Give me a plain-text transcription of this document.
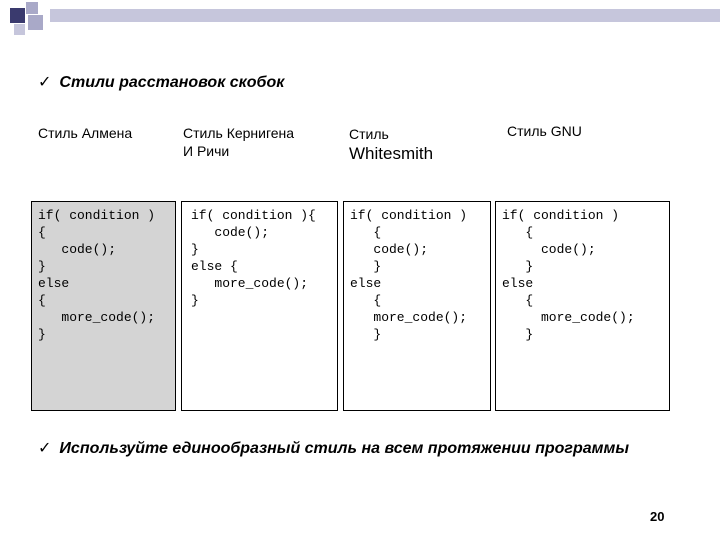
✓ Стили расстановок скобок
Стиль Алмена	Стиль Кернигена
И Ричи
Стиль
Whitesmith
Стиль GNU
if( condition )
{
code();
}
else
{
more_code();
}
if( condition ){
code();
}
else {
more_code();
}
if( condition )
{
code();
}
else
{
more_code();
}
if( condition )
{
code();
}
else
{
more_code();
}
✓ Используйте единообразный стиль на всем протяжении программы
20
